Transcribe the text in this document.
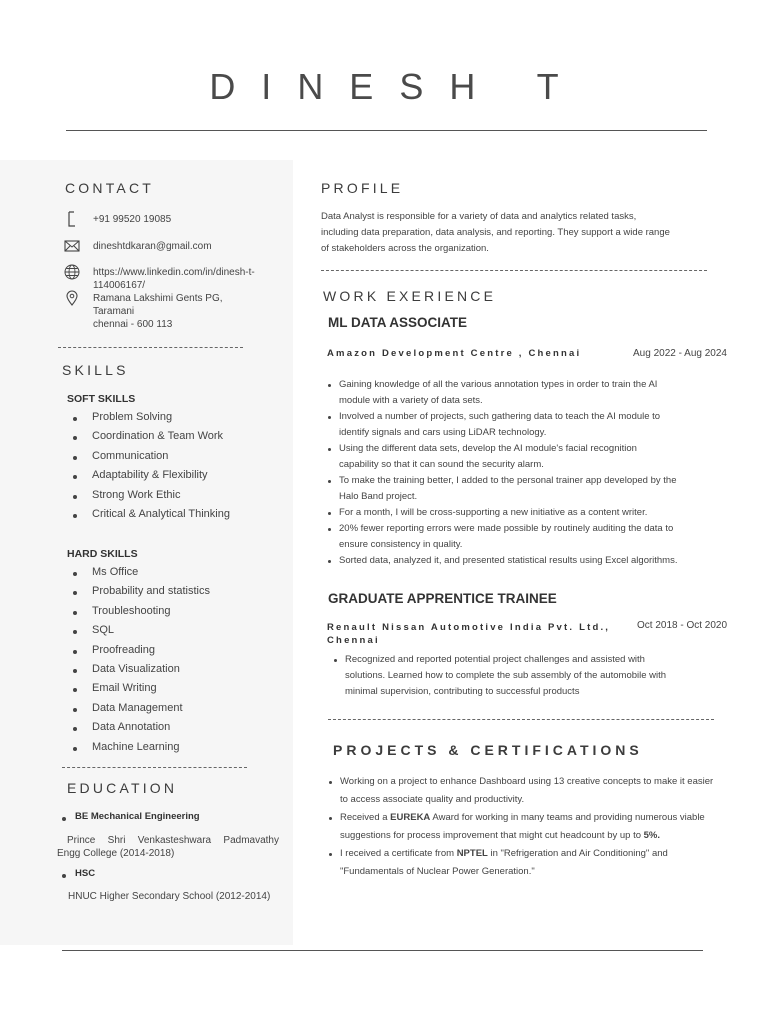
DINESH T
CONTACT
+91 99520 19085
dineshtdkaran@gmail.com
https://www.linkedin.com/in/dinesh-t-
114006167/
Ramana Lakshimi Gents PG,
Taramani
chennai - 600 113
SKILLS
SOFT SKILLS
Problem Solving
Coordination & Team Work
Communication
Adaptability & Flexibility
Strong Work Ethic
Critical & Analytical Thinking
HARD SKILLS
Ms Office
Probability and statistics
Troubleshooting
SQL
Proofreading
Data Visualization
Email Writing
Data Management
Data Annotation
Machine Learning
EDUCATION
BE Mechanical Engineering
Prince Shri Venkasteshwara Padmavathy
Engg College (2014-2018)
HSC
HNUC Higher Secondary School (2012-2014)
PROFILE
Data Analyst is responsible for a variety of data and analytics related tasks,
including data preparation, data analysis, and reporting. They support a wide range
of stakeholders across the organization.
WORK EXERIENCE
ML DATA ASSOCIATE
Amazon Development Centre , Chennai	Aug 2022 - Aug 2024
Gaining knowledge of all the various annotation types in order to train the AI
module with a variety of data sets.
Involved a number of projects, such gathering data to teach the AI module to
identify signals and cars using LiDAR technology.
Using the different data sets, develop the AI module's facial recognition
capability so that it can sound the security alarm.
To make the training better, I added to the personal trainer app developed by the
Halo Band project.
For a month, I will be cross-supporting a new initiative as a content writer.
20% fewer reporting errors were made possible by routinely auditing the data to
ensure consistency in quality.
Sorted data, analyzed it, and presented statistical results using Excel algorithms.
GRADUATE APPRENTICE TRAINEE
Renault Nissan Automotive India Pvt. Ltd.,
Chennai
Oct 2018 - Oct 2020
Recognized and reported potential project challenges and assisted with
solutions. Learned how to complete the sub assembly of the automobile with
minimal supervision, contributing to successful products
PROJECTS & CERTIFICATIONS
Working on a project to enhance Dashboard using 13 creative concepts to make it easier
to access associate quality and productivity.
Received a EUREKA Award for working in many teams and providing numerous viable
suggestions for process improvement that might cut headcount by up to 5%.
I received a certificate from NPTEL in "Refrigeration and Air Conditioning" and
"Fundamentals of Nuclear Power Generation."
